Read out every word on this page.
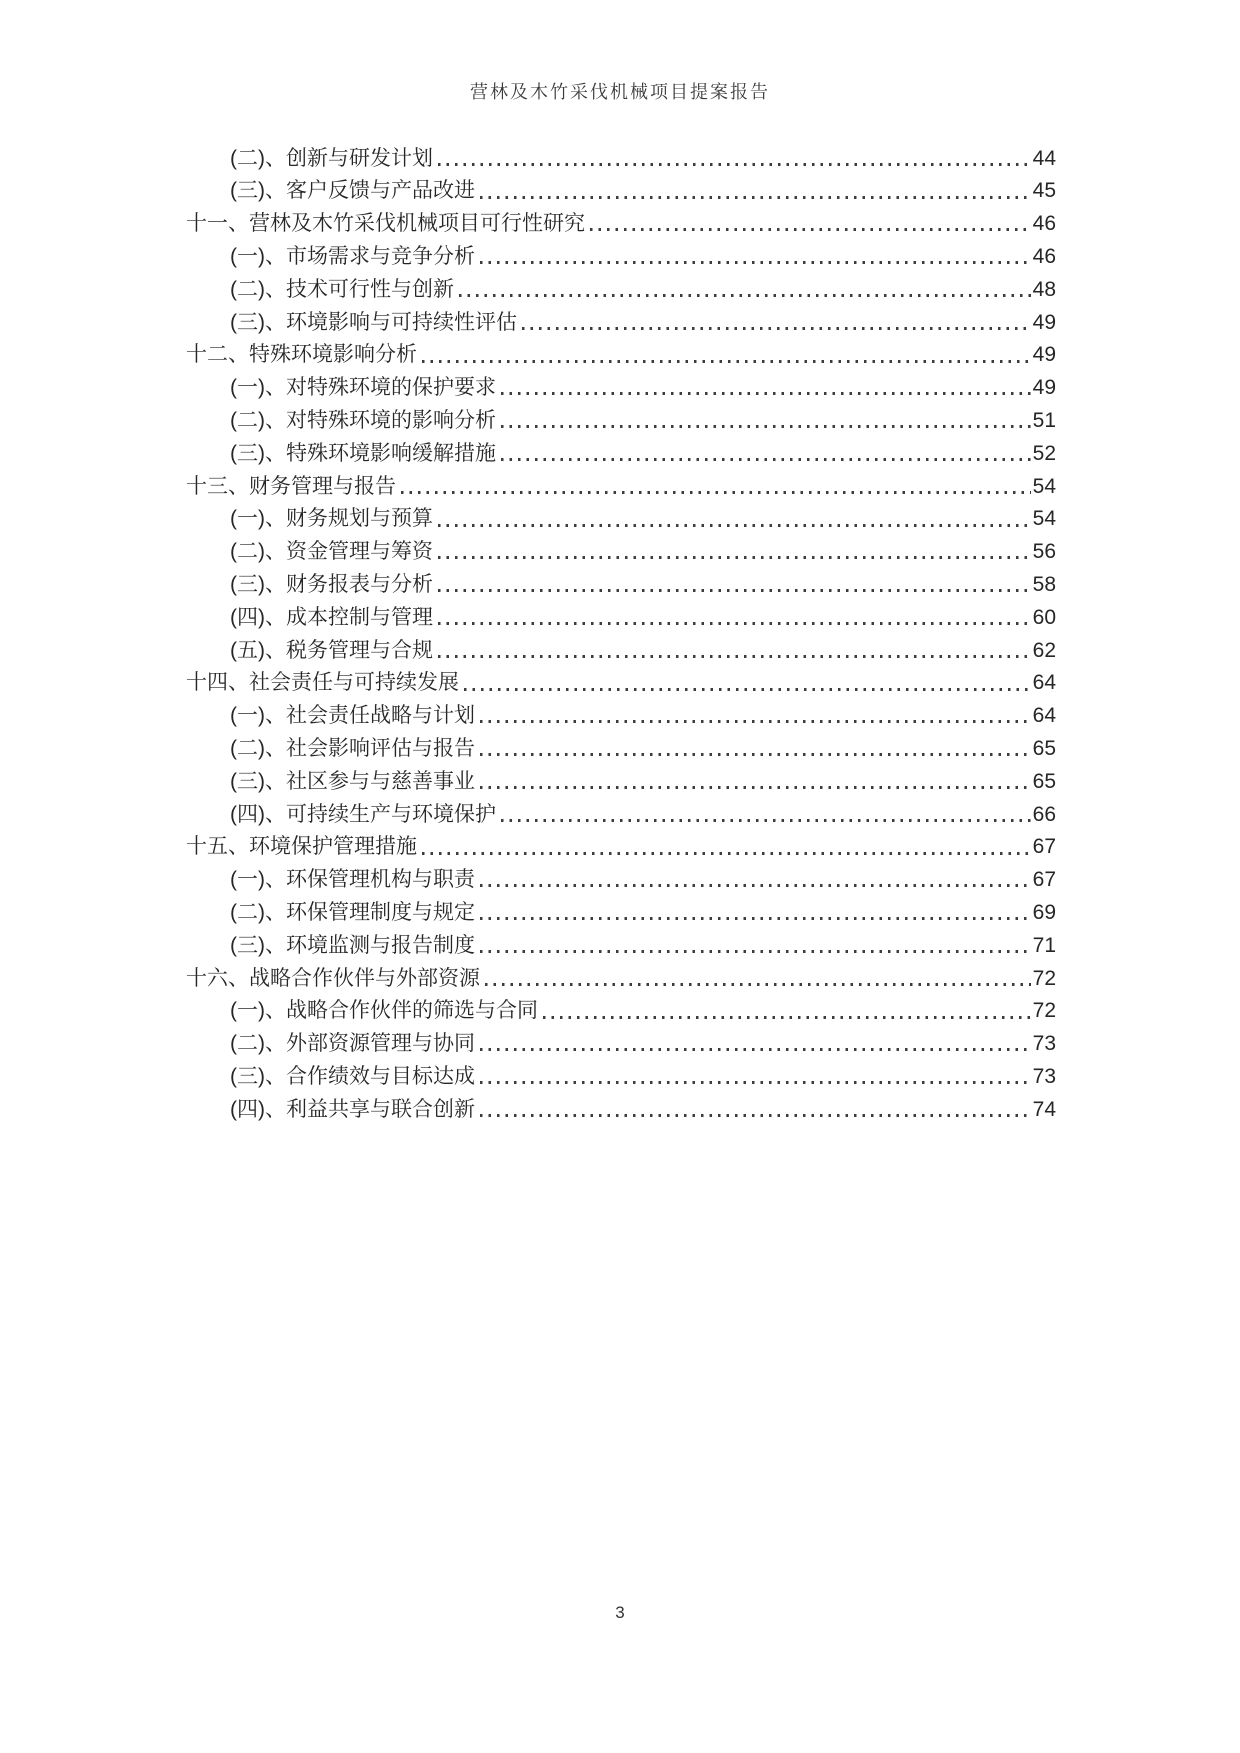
营林及木竹采伐机械项目提案报告
(二)、创新与研发计划	44
(三)、客户反馈与产品改进	45
十一、营林及木竹采伐机械项目可行性研究	46
(一)、市场需求与竞争分析	46
(二)、技术可行性与创新	48
(三)、环境影响与可持续性评估	49
十二、特殊环境影响分析	49
(一)、对特殊环境的保护要求	49
(二)、对特殊环境的影响分析	51
(三)、特殊环境影响缓解措施	52
十三、财务管理与报告	54
(一)、财务规划与预算	54
(二)、资金管理与筹资	56
(三)、财务报表与分析	58
(四)、成本控制与管理	60
(五)、税务管理与合规	62
十四、社会责任与可持续发展	64
(一)、社会责任战略与计划	64
(二)、社会影响评估与报告	65
(三)、社区参与与慈善事业	65
(四)、可持续生产与环境保护	66
十五、环境保护管理措施	67
(一)、环保管理机构与职责	67
(二)、环保管理制度与规定	69
(三)、环境监测与报告制度	71
十六、战略合作伙伴与外部资源	72
(一)、战略合作伙伴的筛选与合同	72
(二)、外部资源管理与协同	73
(三)、合作绩效与目标达成	73
(四)、利益共享与联合创新	74
3
